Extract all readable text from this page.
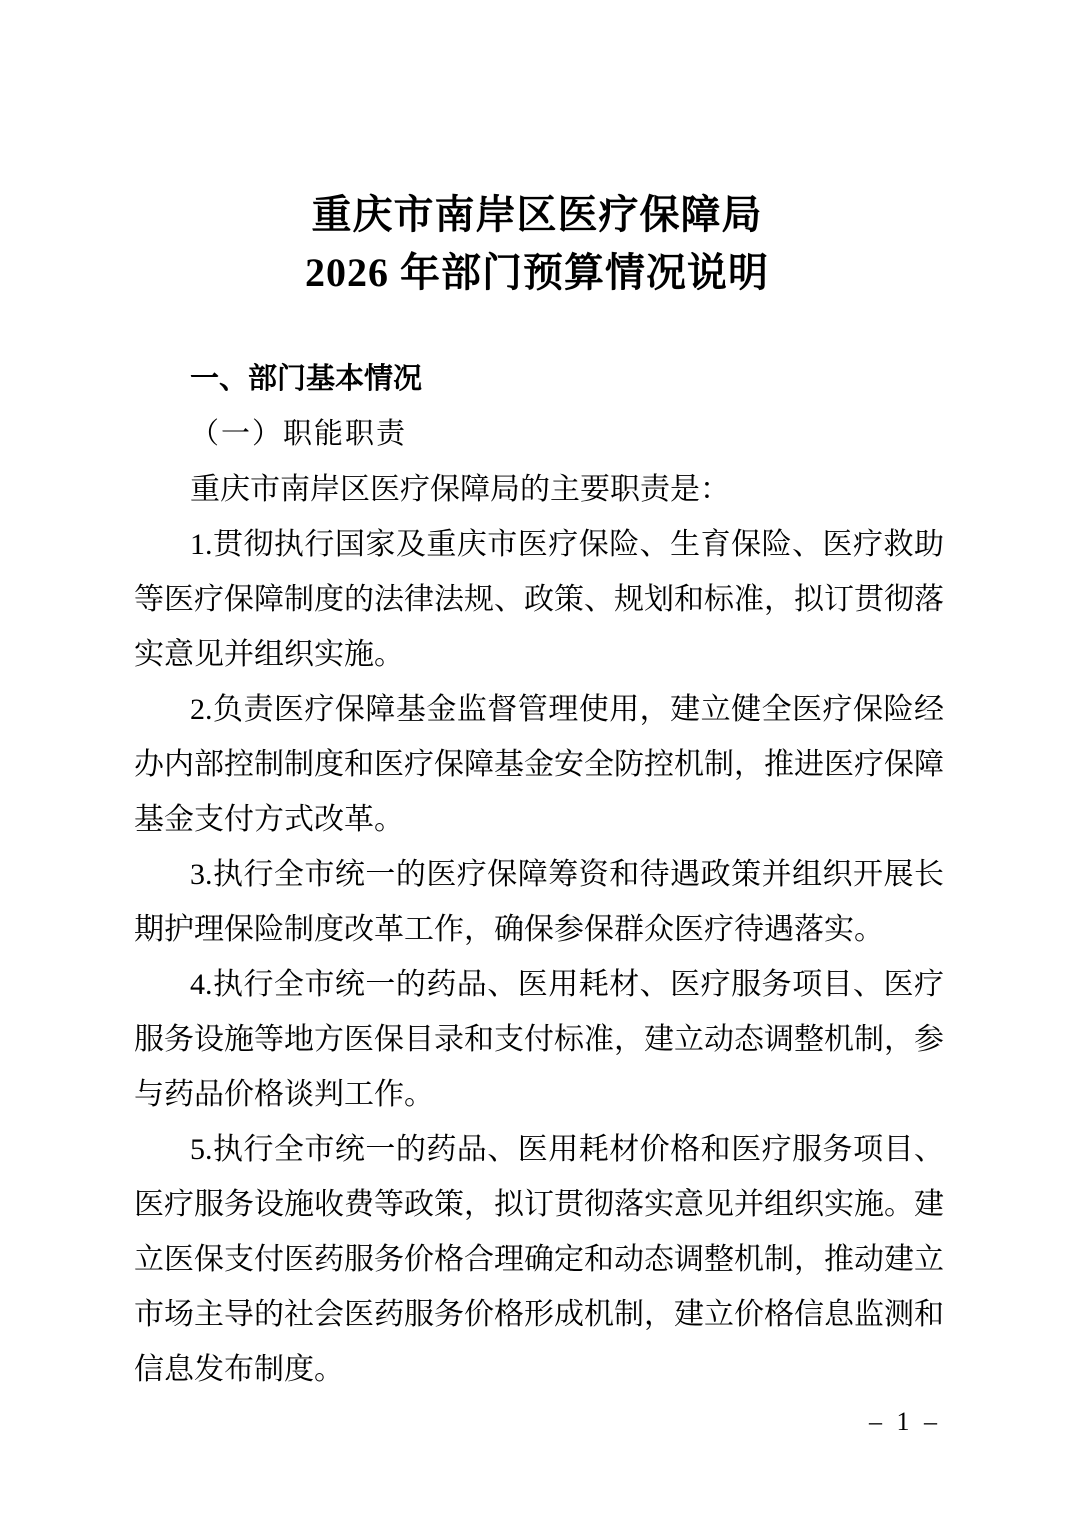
重庆市南岸区医疗保障局
2026 年部门预算情况说明
一、部门基本情况
（一）职能职责

重庆市南岸区医疗保障局的主要职责是：

1.贯彻执行国家及重庆市医疗保险、生育保险、医疗救助等医疗保障制度的法律法规、政策、规划和标准，拟订贯彻落实意见并组织实施。

2.负责医疗保障基金监督管理使用，建立健全医疗保险经办内部控制制度和医疗保障基金安全防控机制，推进医疗保障基金支付方式改革。

3.执行全市统一的医疗保障筹资和待遇政策并组织开展长期护理保险制度改革工作，确保参保群众医疗待遇落实。

4.执行全市统一的药品、医用耗材、医疗服务项目、医疗服务设施等地方医保目录和支付标准，建立动态调整机制，参与药品价格谈判工作。

5.执行全市统一的药品、医用耗材价格和医疗服务项目、医疗服务设施收费等政策，拟订贯彻落实意见并组织实施。建立医保支付医药服务价格合理确定和动态调整机制，推动建立市场主导的社会医药服务价格形成机制，建立价格信息监测和信息发布制度。

– 1 –
